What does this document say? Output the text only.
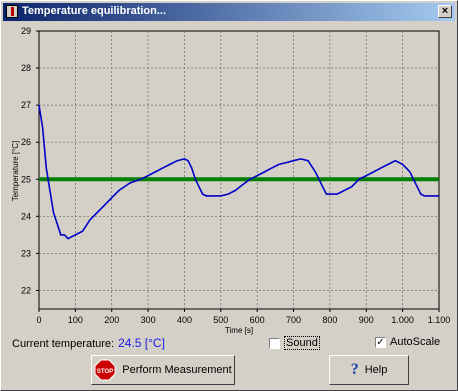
Temperature equilibration...	×
22
23
24
25
26
27
28
29
0	100 200 300 400 500 600 700 800 900 1.000 1.100
Time [s]
Temperature [°C]
Current temperature: 24.5 [°C]	Sound	✓ AutoScale
STOP Perform Measurement	? Help
